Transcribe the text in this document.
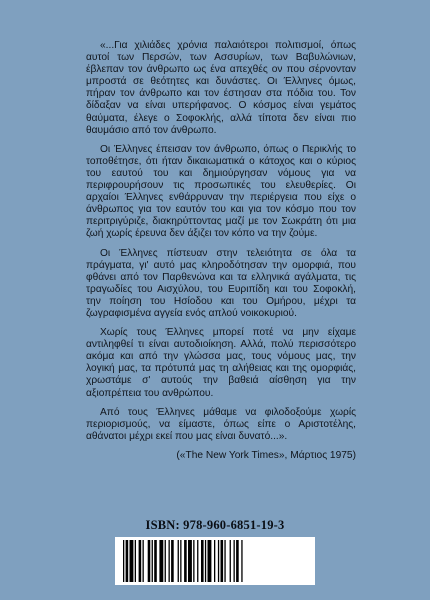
«...Για χιλιάδες χρόνια παλαιότεροι πολιτισμοί, όπως αυτοί των Περσών, των Ασσυρίων, των Βαβυλώνιων, έβλεπαν τον άνθρωπο ως ένα απεχθές ον που σέρνονταν μπροστά σε θεότητες και δυνάστες. Οι Έλληνες όμως, πήραν τον άνθρωπο και τον έστησαν στα πόδια του. Τον δίδαξαν να είναι υπερήφανος. Ο κόσμος είναι γεμάτος θαύματα, έλεγε ο Σοφοκλής, αλλά τίποτα δεν είναι πιο θαυμάσιο από τον άνθρωπο.

Οι Έλληνες έπεισαν τον άνθρωπο, όπως ο Περικλής το τοποθέτησε, ότι ήταν δικαιωματικά ο κάτοχος και ο κύριος του εαυτού του και δημιούργησαν νόμους για να περιφρουρήσουν τις προσωπικές του ελευθερίες. Οι αρχαίοι Έλληνες ενθάρρυναν την περιέργεια που είχε ο άνθρωπος για τον εαυτόν του και για τον κόσμο που τον περιτριγύριζε, διακηρύττοντας μαζί με τον Σωκράτη ότι μια ζωή χωρίς έρευνα δεν άξιζει τον κόπο να την ζούμε.

Οι Έλληνες πίστευαν στην τελειότητα σε όλα τα πράγματα, γι' αυτό μας κληροδότησαν την ομορφιά, που φθάνει από τον Παρθενώνα και τα ελληνικά αγάλματα, τις τραγωδίες του Αισχύλου, του Ευριπίδη και του Σοφοκλή, την ποίηση του Ησίοδου και του Ομήρου, μέχρι τα ζωγραφισμένα αγγεία ενός απλού νοικοκυριού.

Χωρίς τους Έλληνες μπορεί ποτέ να μην είχαμε αντιληφθεί τι είναι αυτοδιοίκηση. Αλλά, πολύ περισσότερο ακόμα και από την γλώσσα μας, τους νόμους μας, την λογική μας, τα πρότυπά μας τη αλήθειας και της ομορφιάς, χρωστάμε σ' αυτούς την βαθειά αίσθηση για την αξιοπρέπεια του ανθρώπου.

Από τους Έλληνες μάθαμε να φιλοδοξούμε χωρίς περιορισμούς, να είμαστε, όπως είπε ο Αριστοτέλης, αθάνατοι μέχρι εκεί που μας είναι δυνατό...».

(«The New York Times», Μάρτιος 1975)

ISBN: 978-960-6851-19-3
